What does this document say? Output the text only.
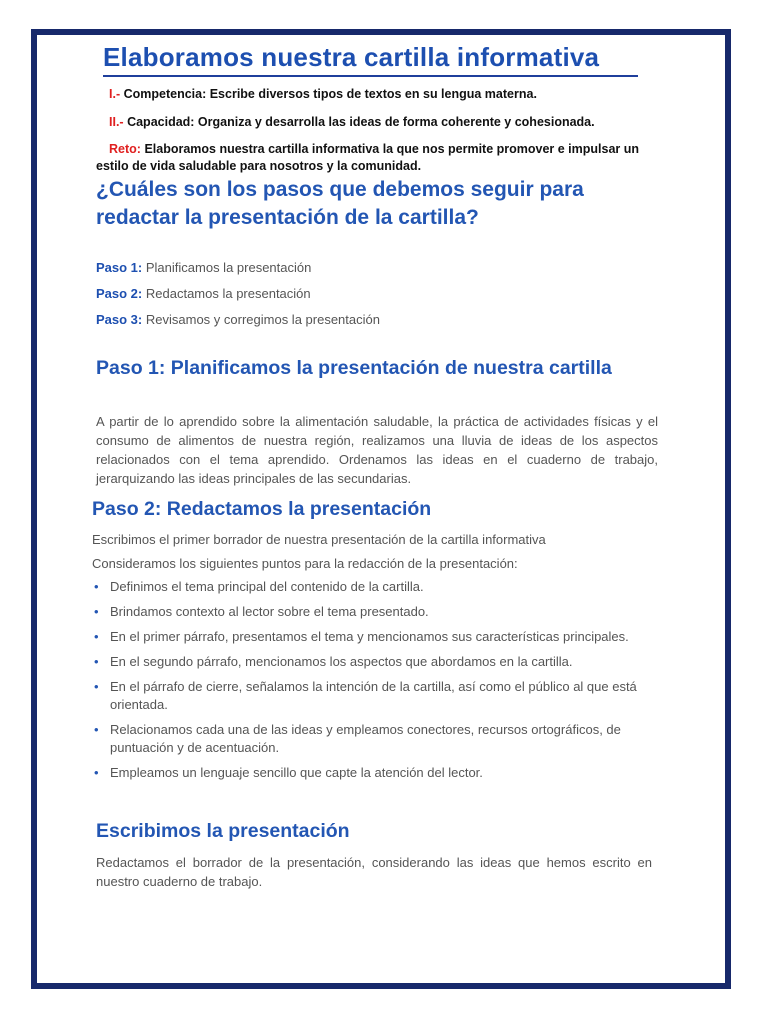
Elaboramos nuestra cartilla informativa
I.- Competencia: Escribe diversos tipos de textos en su lengua materna.
II.- Capacidad: Organiza y desarrolla las ideas de forma coherente y cohesionada.
Reto: Elaboramos nuestra cartilla informativa la que nos permite promover e impulsar un estilo de vida saludable para nosotros y la comunidad.
¿Cuáles son los pasos que debemos seguir para redactar la presentación de la cartilla?
Paso 1: Planificamos la presentación
Paso 2: Redactamos la presentación
Paso 3: Revisamos y corregimos la presentación
Paso 1: Planificamos la presentación de nuestra cartilla

A partir de lo aprendido sobre la alimentación saludable, la práctica de actividades físicas y el consumo de alimentos de nuestra región, realizamos una lluvia de ideas de los aspectos relacionados con el tema aprendido. Ordenamos las ideas en el cuaderno de trabajo, jerarquizando las ideas principales de las secundarias.

Paso 2: Redactamos la presentación

Escribimos el primer borrador de nuestra presentación de la cartilla informativa

Consideramos los siguientes puntos para la redacción de la presentación:

• Definimos el tema principal del contenido de la cartilla.
• Brindamos contexto al lector sobre el tema presentado.
• En el primer párrafo, presentamos el tema y mencionamos sus características principales.
• En el segundo párrafo, mencionamos los aspectos que abordamos en la cartilla.
• En el párrafo de cierre, señalamos la intención de la cartilla, así como el público al que está orientada.
• Relacionamos cada una de las ideas y empleamos conectores, recursos ortográficos, de puntuación y de acentuación.
• Empleamos un lenguaje sencillo que capte la atención del lector.
Escribimos la presentación

Redactamos el borrador de la presentación, considerando las ideas que hemos escrito en nuestro cuaderno de trabajo.
